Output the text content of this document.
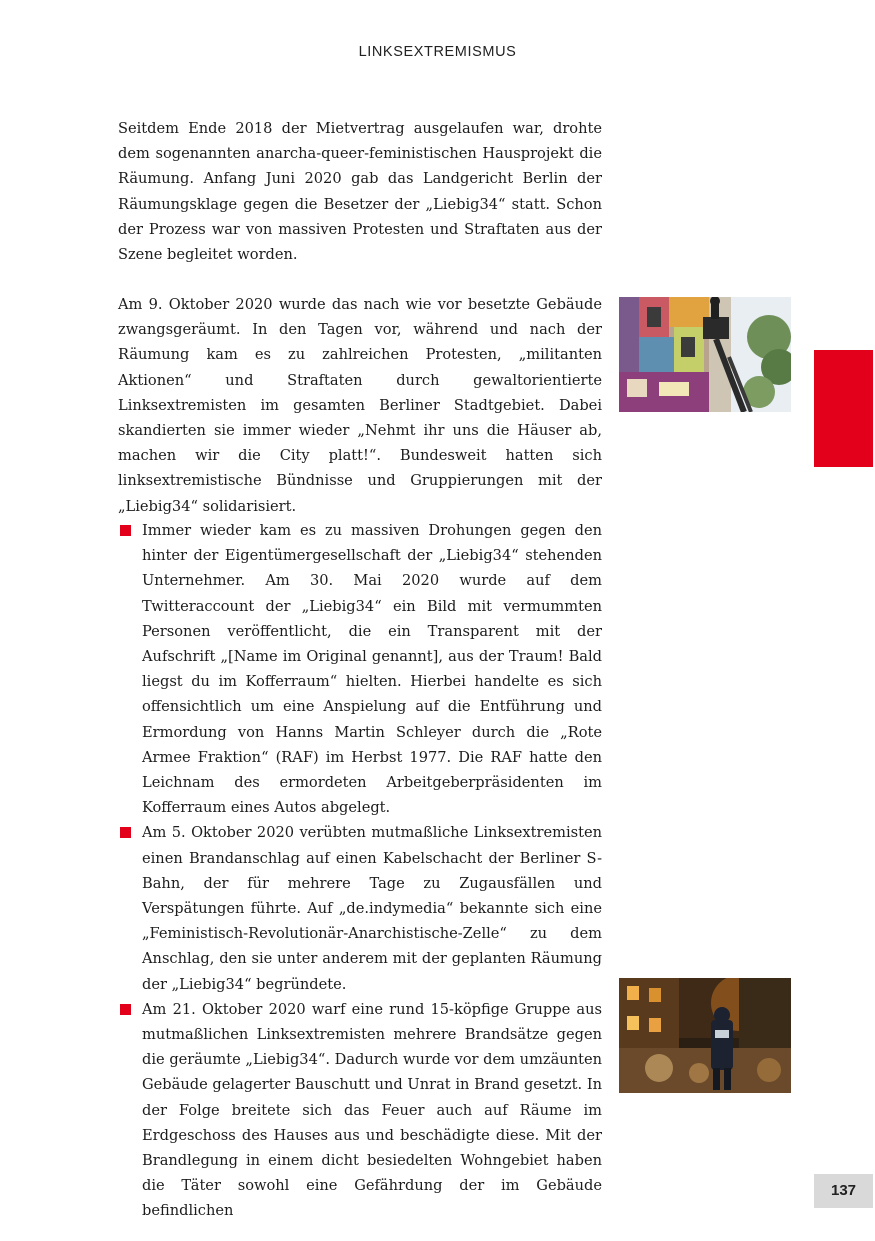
LINKSEXTREMISMUS

Seitdem Ende 2018 der Mietvertrag ausgelaufen war, drohte dem sogenannten anarcha-queer-feministischen Hausprojekt die Räumung. Anfang Juni 2020 gab das Landgericht Berlin der Räumungsklage gegen die Besetzer der „Liebig34“ statt. Schon der Prozess war von massiven Protesten und Straftaten aus der Szene begleitet worden.

Am 9. Oktober 2020 wurde das nach wie vor besetzte Gebäude zwangsgeräumt. In den Tagen vor, während und nach der Räumung kam es zu zahlreichen Protesten, „militanten Aktionen“ und Straftaten durch gewaltorientierte Linksextremisten im gesamten Berliner Stadtgebiet. Dabei skandierten sie immer wieder „Nehmt ihr uns die Häuser ab, machen wir die City platt!“. Bundesweit hatten sich linksextremistische Bündnisse und Gruppierungen mit der „Liebig34“ solidarisiert.

Immer wieder kam es zu massiven Drohungen gegen den hinter der Eigentümergesellschaft der „Liebig34“ stehenden Unternehmer. Am 30. Mai 2020 wurde auf dem Twitteraccount der „Liebig34“ ein Bild mit vermummten Personen veröffentlicht, die ein Transparent mit der Aufschrift „[Name im Original genannt], aus der Traum! Bald liegst du im Kofferraum“ hielten. Hierbei handelte es sich offensichtlich um eine Anspielung auf die Entführung und Ermordung von Hanns Martin Schleyer durch die „Rote Armee Fraktion“ (RAF) im Herbst 1977. Die RAF hatte den Leichnam des ermordeten Arbeitgeberpräsidenten im Kofferraum eines Autos abgelegt.
Am 5. Oktober 2020 verübten mutmaßliche Linksextremisten einen Brandanschlag auf einen Kabelschacht der Berliner S-Bahn, der für mehrere Tage zu Zugausfällen und Verspätungen führte. Auf „de.indymedia“ bekannte sich eine „Feministisch-Revolutionär-Anarchistische-Zelle“ zu dem Anschlag, den sie unter anderem mit der geplanten Räumung der „Liebig34“ begründete.
Am 21. Oktober 2020 warf eine rund 15-köpfige Gruppe aus mutmaßlichen Linksextremisten mehrere Brandsätze gegen die geräumte „Liebig34“. Dadurch wurde vor dem umzäunten Gebäude gelagerter Bauschutt und Unrat in Brand gesetzt. In der Folge breitete sich das Feuer auch auf Räume im Erdgeschoss des Hauses aus und beschädigte diese. Mit der Brandlegung in einem dicht besiedelten Wohngebiet haben die Täter sowohl eine Gefährdung der im Gebäude befindlichen
137
